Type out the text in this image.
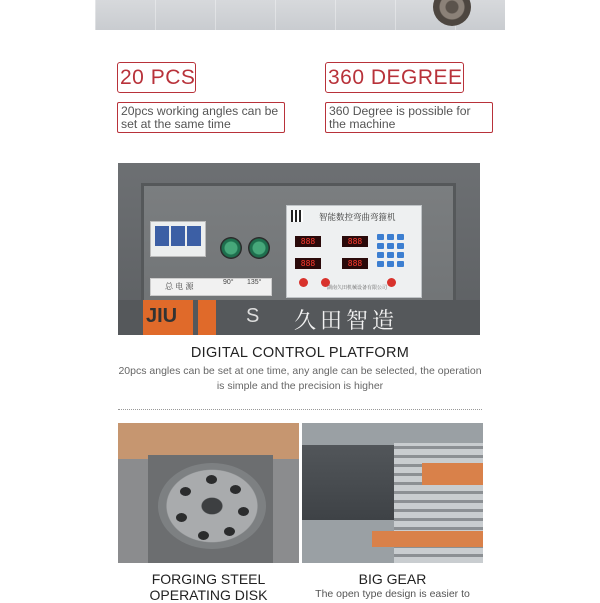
20 PCS
20pcs working angles can be set at the same time
360 DEGREE
360 Degree is possible for the machine
总 电 源	90° 135°
智能数控弯曲弯箍机
888	888
888	888
湖南久田机械设备有限公司
JIU	S 久田智造
DIGITAL CONTROL PLATFORM
20pcs angles can be set at one time, any angle can be selected, the operation is simple and the precision is higher
FORGING STEEL OPERATING DISK
BIG GEAR
The open type design is easier to
